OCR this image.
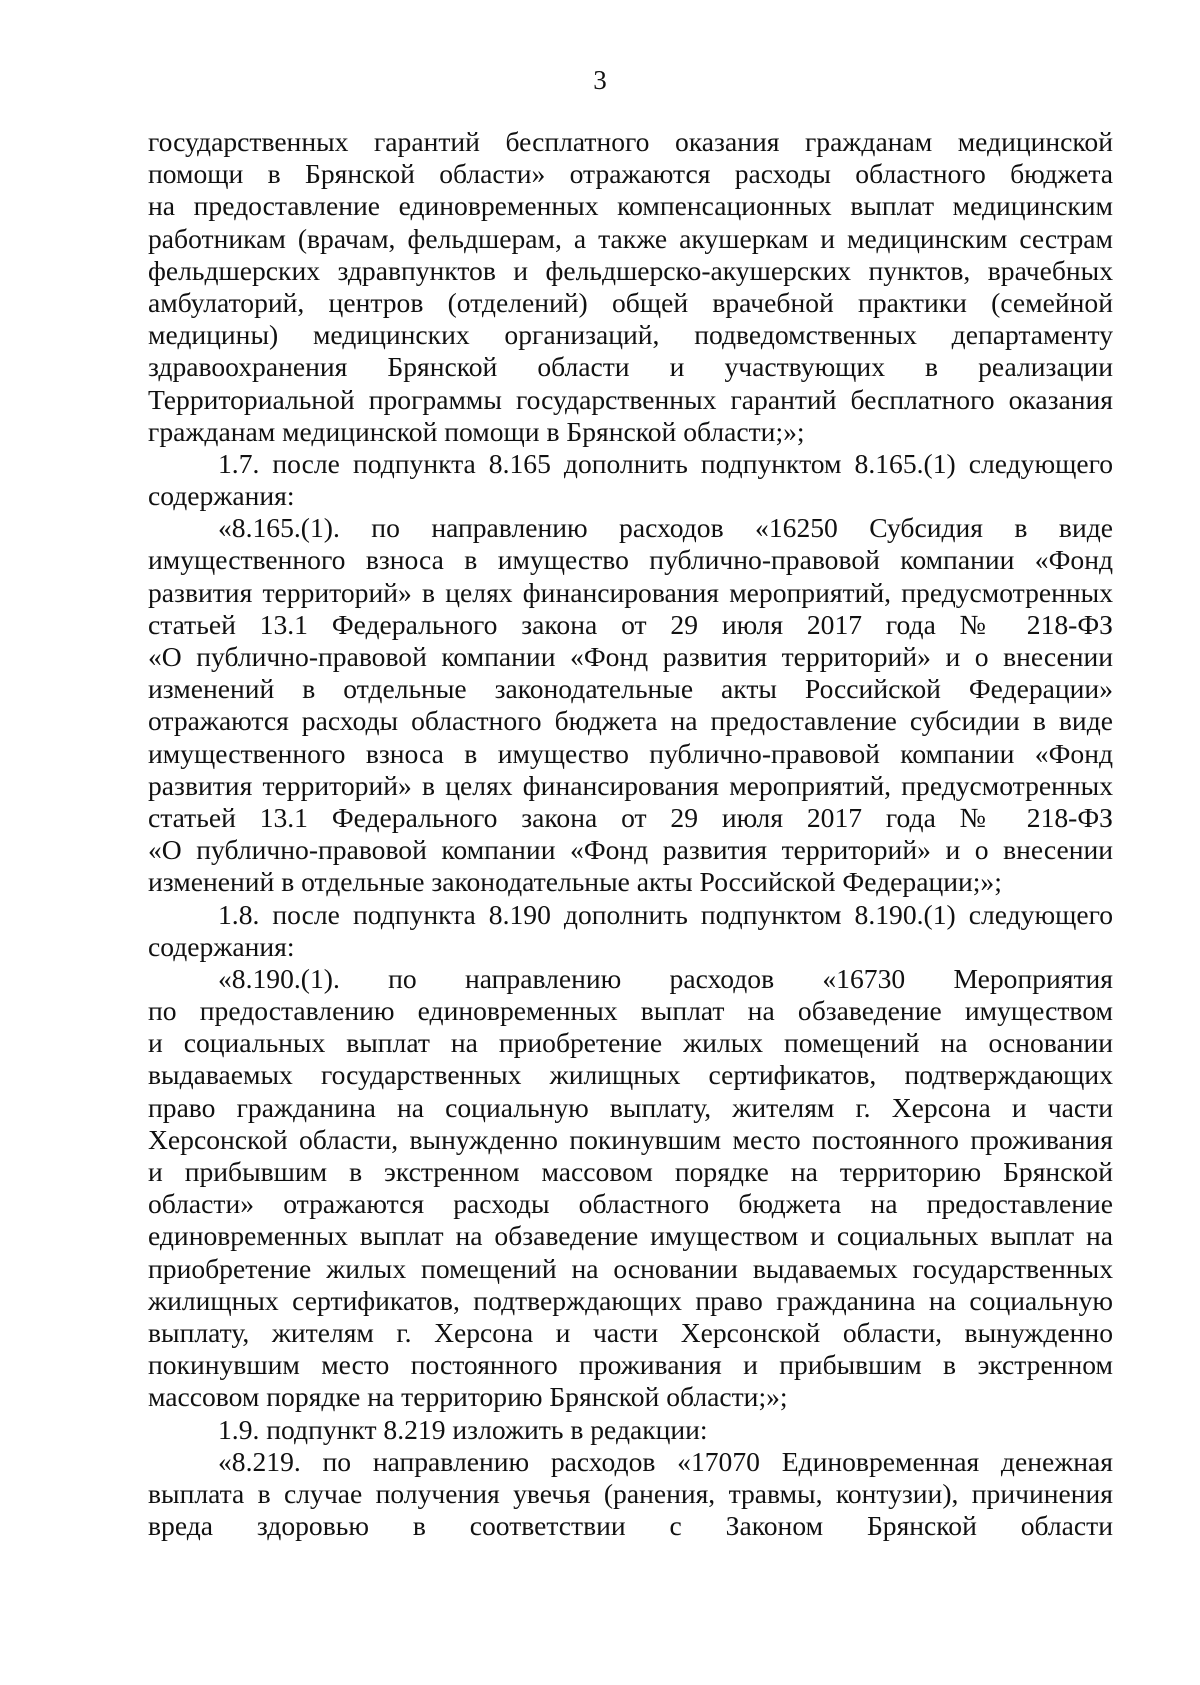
3
государственных гарантий бесплатного оказания гражданам медицинской
помощи в Брянской области» отражаются расходы областного бюджета
на предоставление единовременных компенсационных выплат медицинским
работникам (врачам, фельдшерам, а также акушеркам и медицинским сестрам
фельдшерских здравпунктов и фельдшерско-акушерских пунктов, врачебных
амбулаторий, центров (отделений) общей врачебной практики (семейной
медицины) медицинских организаций, подведомственных департаменту
здравоохранения Брянской области и участвующих в реализации
Территориальной программы государственных гарантий бесплатного оказания
гражданам медицинской помощи в Брянской области;»;
1.7. после подпункта 8.165 дополнить подпунктом 8.165.(1) следующего
содержания:
«8.165.(1). по направлению расходов «16250 Субсидия в виде
имущественного взноса в имущество публично-правовой компании «Фонд
развития территорий» в целях финансирования мероприятий, предусмотренных
статьей 13.1 Федерального закона от 29 июля 2017 года № 218-ФЗ
«О публично-правовой компании «Фонд развития территорий» и о внесении
изменений в отдельные законодательные акты Российской Федерации»
отражаются расходы областного бюджета на предоставление субсидии в виде
имущественного взноса в имущество публично-правовой компании «Фонд
развития территорий» в целях финансирования мероприятий, предусмотренных
статьей 13.1 Федерального закона от 29 июля 2017 года № 218-ФЗ
«О публично-правовой компании «Фонд развития территорий» и о внесении
изменений в отдельные законодательные акты Российской Федерации;»;
1.8. после подпункта 8.190 дополнить подпунктом 8.190.(1) следующего
содержания:
«8.190.(1). по направлению расходов «16730 Мероприятия
по предоставлению единовременных выплат на обзаведение имуществом
и социальных выплат на приобретение жилых помещений на основании
выдаваемых государственных жилищных сертификатов, подтверждающих
право гражданина на социальную выплату, жителям г. Херсона и части
Херсонской области, вынужденно покинувшим место постоянного проживания
и прибывшим в экстренном массовом порядке на территорию Брянской
области» отражаются расходы областного бюджета на предоставление
единовременных выплат на обзаведение имуществом и социальных выплат на
приобретение жилых помещений на основании выдаваемых государственных
жилищных сертификатов, подтверждающих право гражданина на социальную
выплату, жителям г. Херсона и части Херсонской области, вынужденно
покинувшим место постоянного проживания и прибывшим в экстренном
массовом порядке на территорию Брянской области;»;
1.9. подпункт 8.219 изложить в редакции:
«8.219. по направлению расходов «17070 Единовременная денежная
выплата в случае получения увечья (ранения, травмы, контузии), причинения
вреда здоровью в соответствии с Законом Брянской области
